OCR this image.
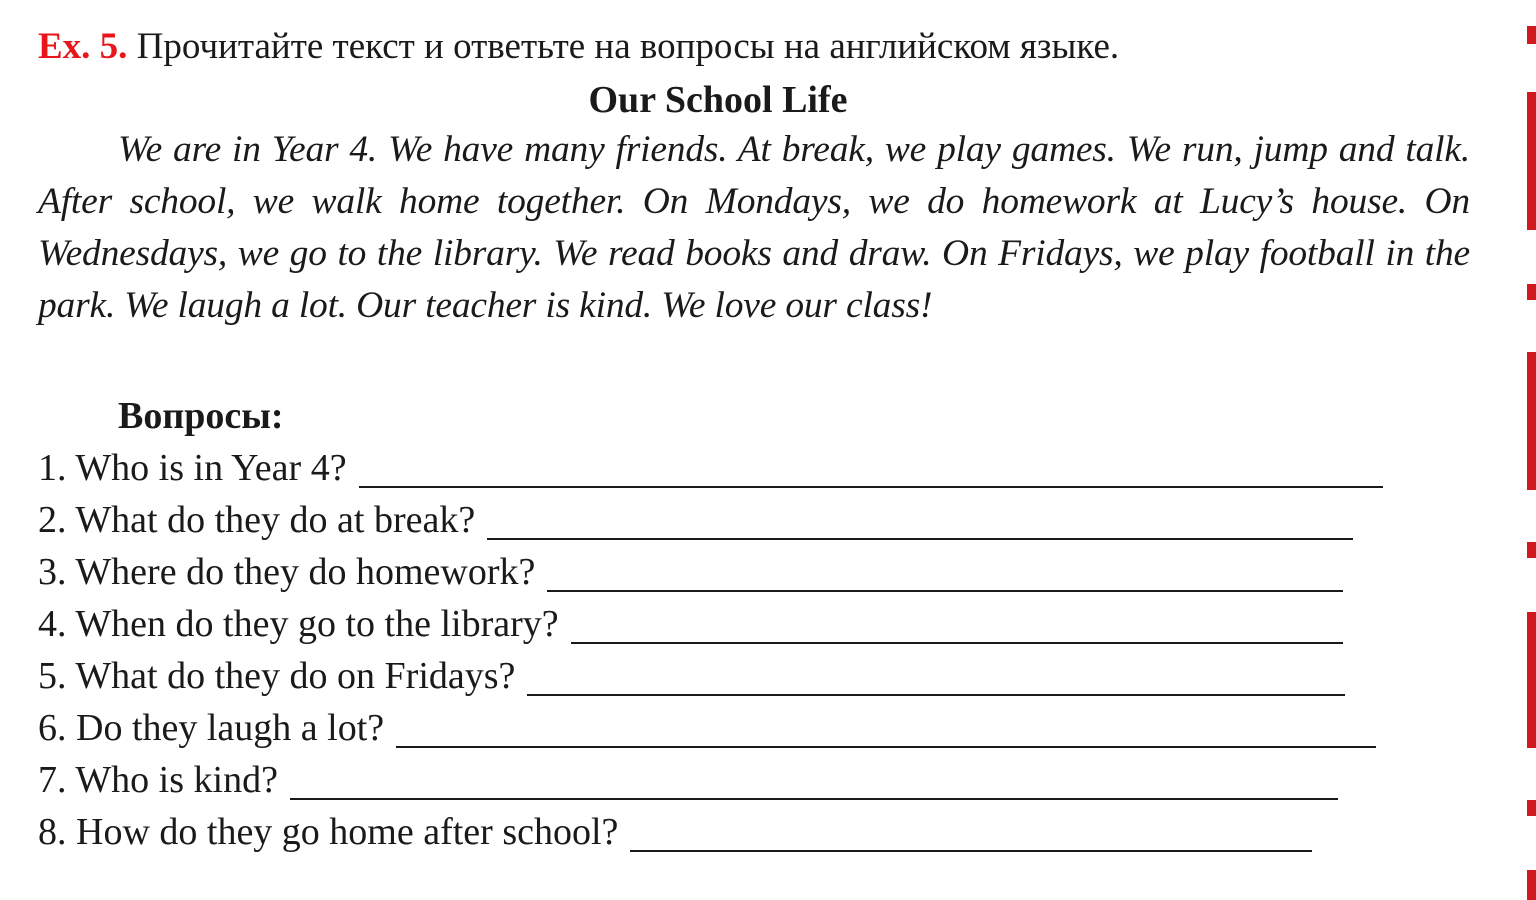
Ex. 5. Прочитайте текст и ответьте на вопросы на английском языке.
Our School Life
We are in Year 4. We have many friends. At break, we play games. We run, jump and talk. After school, we walk home together. On Mondays, we do homework at Lucy’s house. On Wednesdays, we go to the library. We read books and draw. On Fridays, we play football in the park. We laugh a lot. Our teacher is kind. We love our class!
Вопросы:
1. Who is in Year 4?
2. What do they do at break?
3. Where do they do homework?
4. When do they go to the library?
5. What do they do on Fridays?
6. Do they laugh a lot?
7. Who is kind?
8. How do they go home after school?
